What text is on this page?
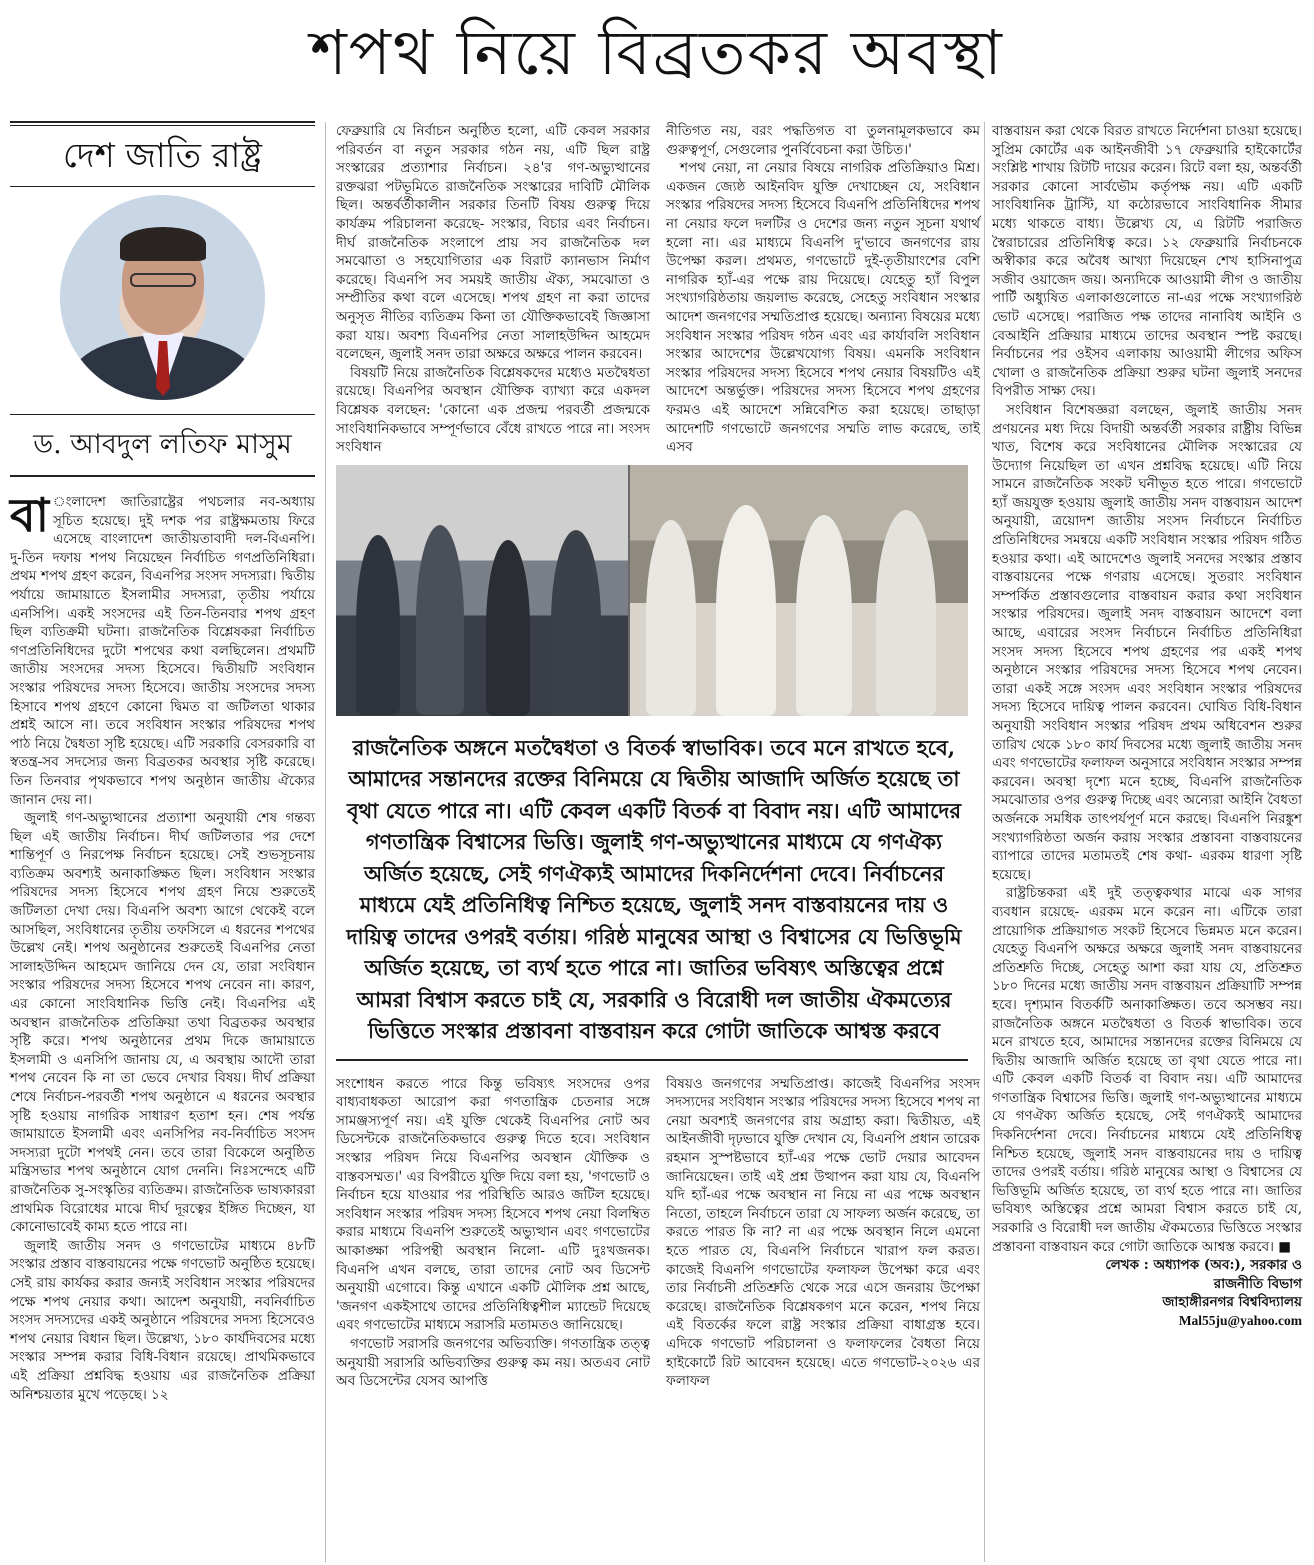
শপথ নিয়ে বিব্রতকর অবস্থা
দেশ জাতি রাষ্ট্র
ড. আবদুল লতিফ মাসুম

বা ংলাদেশ জাতিরাষ্ট্রের পথচলার নব-অধ্যায় সূচিত হয়েছে। দুই দশক পর রাষ্ট্রক্ষমতায় ফিরে এসেছে বাংলাদেশ জাতীয়তাবাদী দল-বিএনপি। দু-তিন দফায় শপথ নিয়েছেন নির্বাচিত গণপ্রতিনিধিরা। প্রথম শপথ গ্রহণ করেন, বিএনপির সংসদ সদস্যরা। দ্বিতীয় পর্যায়ে জামায়াতে ইসলামীর সদস্যরা, তৃতীয় পর্যায়ে এনসিপি। একই সংসদের এই তিন-তিনবার শপথ গ্রহণ ছিল ব্যতিক্রমী ঘটনা। রাজনৈতিক বিশ্লেষকরা নির্বাচিত গণপ্রতিনিধিদের দুটো শপথের কথা বলছিলেন। প্রথমটি জাতীয় সংসদের সদস্য হিসেবে। দ্বিতীয়টি সংবিধান সংস্কার পরিষদের সদস্য হিসেবে। জাতীয় সংসদের সদস্য হিসাবে শপথ গ্রহণে কোনো দ্বিমত বা জটিলতা থাকার প্রশ্নই আসে না। তবে সংবিধান সংস্কার পরিষদের শপথ পাঠ নিয়ে দ্বৈধতা সৃষ্টি হয়েছে। এটি সরকারি বেসরকারি বা স্বতন্ত্র-সব সদস্যের জন্য বিব্রতকর অবস্থার সৃষ্টি করেছে। তিন তিনবার পৃথকভাবে শপথ অনুষ্ঠান জাতীয় ঐক্যের জানান দেয় না।

জুলাই গণ-অভ্যুত্থানের প্রত্যাশা অনুযায়ী শেষ গন্তব্য ছিল এই জাতীয় নির্বাচন। দীর্ঘ জটিলতার পর দেশে শান্তিপূর্ণ ও নিরপেক্ষ নির্বাচন হয়েছে। সেই শুভসূচনায় ব্যতিক্রম অবশ্যই অনাকাঙ্ক্ষিত ছিল। সংবিধান সংস্কার পরিষদের সদস্য হিসেবে শপথ গ্রহণ নিয়ে শুরুতেই জটিলতা দেখা দেয়। বিএনপি অবশ্য আগে থেকেই বলে আসছিল, সংবিধানের তৃতীয় তফসিলে এ ধরনের শপথের উল্লেখ নেই। শপথ অনুষ্ঠানের শুরুতেই বিএনপির নেতা সালাহউদ্দিন আহমেদ জানিয়ে দেন যে, তারা সংবিধান সংস্কার পরিষদের সদস্য হিসেবে শপথ নেবেন না। কারণ, এর কোনো সাংবিধানিক ভিত্তি নেই। বিএনপির এই অবস্থান রাজনৈতিক প্রতিক্রিয়া তথা বিব্রতকর অবস্থার সৃষ্টি করে। শপথ অনুষ্ঠানের প্রথম দিকে জামায়াতে ইসলামী ও এনসিপি জানায় যে, এ অবস্থায় আদৌ তারা শপথ নেবেন কি না তা ভেবে দেখার বিষয়। দীর্ঘ প্রক্রিয়া শেষে নির্বাচন-পরবর্তী শপথ অনুষ্ঠানে এ ধরনের অবস্থার সৃষ্টি হওয়ায় নাগরিক সাধারণ হতাশ হন। শেষ পর্যন্ত জামায়াতে ইসলামী এবং এনসিপির নব-নির্বাচিত সংসদ সদস্যরা দুটো শপথই নেন। তবে তারা বিকেলে অনুষ্ঠিত মন্ত্রিসভার শপথ অনুষ্ঠানে যোগ দেননি। নিঃসন্দেহে এটি রাজনৈতিক সু-সংস্কৃতির ব্যতিক্রম। রাজনৈতিক ভাষ্যকাররা প্রাথমিক বিরোধের মাঝে দীর্ঘ দূরত্বের ইঙ্গিত দিচ্ছেন, যা কোনোভাবেই কাম্য হতে পারে না।

জুলাই জাতীয় সনদ ও গণভোটের মাধ্যমে ৪৮টি সংস্কার প্রস্তাব বাস্তবায়নের পক্ষে গণভোট অনুষ্ঠিত হয়েছে। সেই রায় কার্যকর করার জন্যই সংবিধান সংস্কার পরিষদের পক্ষে শপথ নেয়ার কথা। আদেশ অনুযায়ী, নবনির্বাচিত সংসদ সদস্যদের একই অনুষ্ঠানে পরিষদের সদস্য হিসেবেও শপথ নেয়ার বিধান ছিল। উল্লেখ্য, ১৮০ কার্যদিবসের মধ্যে সংস্কার সম্পন্ন করার বিধি-বিধান রয়েছে। প্রাথমিকভাবে এই প্রক্রিয়া প্রশ্নবিদ্ধ হওয়ায় এর রাজনৈতিক প্রক্রিয়া অনিশ্চয়তার মুখে পড়েছে। ১২

ফেব্রুয়ারি যে নির্বাচন অনুষ্ঠিত হলো, এটি কেবল সরকার পরিবর্তন বা নতুন সরকার গঠন নয়, এটি ছিল রাষ্ট্র সংস্কারের প্রত্যাশার নির্বাচন। ২৪'র গণ-অভ্যুত্থানের রক্তঝরা পটভূমিতে রাজনৈতিক সংস্কারের দাবিটি মৌলিক ছিল। অন্তর্বর্তীকালীন সরকার তিনটি বিষয় গুরুত্ব দিয়ে কার্যক্রম পরিচালনা করেছে- সংস্কার, বিচার এবং নির্বাচন। দীর্ঘ রাজনৈতিক সংলাপে প্রায় সব রাজনৈতিক দল সমঝোতা ও সহযোগিতার এক বিরাট ক্যানভাস নির্মাণ করেছে। বিএনপি সব সময়ই জাতীয় ঐক্য, সমঝোতা ও সম্প্রীতির কথা বলে এসেছে। শপথ গ্রহণ না করা তাদের অনুসৃত নীতির ব্যতিক্রম কিনা তা যৌক্তিকভাবেই জিজ্ঞাসা করা যায়। অবশ্য বিএনপির নেতা সালাহউদ্দিন আহমেদ বলেছেন, জুলাই সনদ তারা অক্ষরে অক্ষরে পালন করবেন।

বিষয়টি নিয়ে রাজনৈতিক বিশ্লেষকদের মধ্যেও মতদ্বৈধতা রয়েছে। বিএনপির অবস্থান যৌক্তিক ব্যাখ্যা করে একদল বিশ্লেষক বলছেন: 'কোনো এক প্রজন্ম পরবর্তী প্রজন্মকে সাংবিধানিকভাবে সম্পূর্ণভাবে বেঁধে রাখতে পারে না। সংসদ সংবিধান

নীতিগত নয়, বরং পদ্ধতিগত বা তুলনামূলকভাবে কম গুরুত্বপূর্ণ, সেগুলোর পুনর্বিবেচনা করা উচিত।'

শপথ নেয়া, না নেয়ার বিষয়ে নাগরিক প্রতিক্রিয়াও মিশ্র। একজন জ্যেষ্ঠ আইনবিদ যুক্তি দেখাচ্ছেন যে, সংবিধান সংস্কার পরিষদের সদস্য হিসেবে বিএনপি প্রতিনিধিদের শপথ না নেয়ার ফলে দলটির ও দেশের জন্য নতুন সূচনা যথার্থ হলো না। এর মাধ্যমে বিএনপি দু'ভাবে জনগণের রায় উপেক্ষা করল। প্রথমত, গণভোটে দুই-তৃতীয়াংশের বেশি নাগরিক হ্যাঁ-এর পক্ষে রায় দিয়েছে। যেহেতু হ্যাঁ বিপুল সংখ্যাগরিষ্ঠতায় জয়লাভ করেছে, সেহেতু সংবিধান সংস্কার আদেশ জনগণের সম্মতিপ্রাপ্ত হয়েছে। অন্যান্য বিষয়ের মধ্যে সংবিধান সংস্কার পরিষদ গঠন এবং এর কার্যাবলি সংবিধান সংস্কার আদেশের উল্লেখযোগ্য বিষয়। এমনকি সংবিধান সংস্কার পরিষদের সদস্য হিসেবে শপথ নেয়ার বিষয়টিও এই আদেশে অন্তর্ভুক্ত। পরিষদের সদস্য হিসেবে শপথ গ্রহণের ফরমও এই আদেশে সন্নিবেশিত করা হয়েছে। তাছাড়া আদেশটি গণভোটে জনগণের সম্মতি লাভ করেছে, তাই এসব

রাজনৈতিক অঙ্গনে মতদ্বৈধতা ও বিতর্ক স্বাভাবিক। তবে মনে রাখতে হবে, আমাদের সন্তানদের রক্তের বিনিময়ে যে দ্বিতীয় আজাদি অর্জিত হয়েছে তা বৃথা যেতে পারে না। এটি কেবল একটি বিতর্ক বা বিবাদ নয়। এটি আমাদের গণতান্ত্রিক বিশ্বাসের ভিত্তি। জুলাই গণ-অভ্যুত্থানের মাধ্যমে যে গণঐক্য অর্জিত হয়েছে, সেই গণঐক্যই আমাদের দিকনির্দেশনা দেবে। নির্বাচনের মাধ্যমে যেই প্রতিনিধিত্ব নিশ্চিত হয়েছে, জুলাই সনদ বাস্তবায়নের দায় ও দায়িত্ব তাদের ওপরই বর্তায়। গরিষ্ঠ মানুষের আস্থা ও বিশ্বাসের যে ভিত্তিভূমি অর্জিত হয়েছে, তা ব্যর্থ হতে পারে না। জাতির ভবিষ্যৎ অস্তিত্বের প্রশ্নে আমরা বিশ্বাস করতে চাই যে, সরকারি ও বিরোধী দল জাতীয় ঐকমত্যের ভিত্তিতে সংস্কার প্রস্তাবনা বাস্তবায়ন করে গোটা জাতিকে আশ্বস্ত করবে

সংশোধন করতে পারে কিন্তু ভবিষ্যৎ সংসদের ওপর বাধ্যবাধকতা আরোপ করা গণতান্ত্রিক চেতনার সঙ্গে সামঞ্জস্যপূর্ণ নয়। এই যুক্তি থেকেই বিএনপির নোট অব ডিসেন্টকে রাজনৈতিকভাবে গুরুত্ব দিতে হবে। সংবিধান সংস্কার পরিষদ নিয়ে বিএনপির অবস্থান যৌক্তিক ও বাস্তবসম্মত।' এর বিপরীতে যুক্তি দিয়ে বলা হয়, 'গণভোট ও নির্বাচন হয়ে যাওয়ার পর পরিস্থিতি আরও জটিল হয়েছে। সংবিধান সংস্কার পরিষদ সদস্য হিসেবে শপথ নেয়া বিলম্বিত করার মাধ্যমে বিএনপি শুরুতেই অভ্যুত্থান এবং গণভোটের আকাঙ্ক্ষা পরিপন্থী অবস্থান নিলো- এটি দুঃখজনক। বিএনপি এখন বলছে, তারা তাদের নোট অব ডিসেন্ট অনুযায়ী এগোবে। কিন্তু এখানে একটি মৌলিক প্রশ্ন আছে, 'জনগণ একইসাথে তাদের প্রতিনিধিত্বশীল ম্যান্ডেট দিয়েছে এবং গণভোটের মাধ্যমে সরাসরি মতামতও জানিয়েছে।

গণভোট সরাসরি জনগণের অভিব্যক্তি। গণতান্ত্রিক তত্ত্ব অনুযায়ী সরাসরি অভিব্যক্তির গুরুত্ব কম নয়। অতএব নোট অব ডিসেন্টের যেসব আপত্তি

বিষয়ও জনগণের সম্মতিপ্রাপ্ত। কাজেই বিএনপির সংসদ সদস্যদের সংবিধান সংস্কার পরিষদের সদস্য হিসেবে শপথ না নেয়া অবশ্যই জনগণের রায় অগ্রাহ্য করা। দ্বিতীয়ত, এই আইনজীবী দৃঢ়ভাবে যুক্তি দেখান যে, বিএনপি প্রধান তারেক রহমান সুস্পষ্টভাবে হ্যাঁ-এর পক্ষে ভোট দেয়ার আবেদন জানিয়েছেন। তাই এই প্রশ্ন উত্থাপন করা যায় যে, বিএনপি যদি হ্যাঁ-এর পক্ষে অবস্থান না নিয়ে না এর পক্ষে অবস্থান নিতো, তাহলে নির্বাচনে তারা যে সাফল্য অর্জন করেছে, তা করতে পারত কি না? না এর পক্ষে অবস্থান নিলে এমনো হতে পারত যে, বিএনপি নির্বাচনে খারাপ ফল করত। কাজেই বিএনপি গণভোটের ফলাফল উপেক্ষা করে এবং তার নির্বাচনী প্রতিশ্রুতি থেকে সরে এসে জনরায় উপেক্ষা করেছে। রাজনৈতিক বিশ্লেষকগণ মনে করেন, শপথ নিয়ে এই বিতর্কের ফলে রাষ্ট্র সংস্কার প্রক্রিয়া বাধাগ্রস্ত হবে। এদিকে গণভোট পরিচালনা ও ফলাফলের বৈধতা নিয়ে হাইকোর্টে রিট আবেদন হয়েছে। এতে গণভোট-২০২৬ এর ফলাফল

বাস্তবায়ন করা থেকে বিরত রাখতে নির্দেশনা চাওয়া হয়েছে। সুপ্রিম কোর্টের এক আইনজীবী ১৭ ফেব্রুয়ারি হাইকোর্টের সংশ্লিষ্ট শাখায় রিটটি দায়ের করেন। রিটে বলা হয়, অন্তর্বর্তী সরকার কোনো সার্বভৌম কর্তৃপক্ষ নয়। এটি একটি সাংবিধানিক ট্রাস্টি, যা কঠোরভাবে সাংবিধানিক সীমার মধ্যে থাকতে বাধ্য। উল্লেখ্য যে, এ রিটটি পরাজিত স্বৈরাচারের প্রতিনিধিত্ব করে। ১২ ফেব্রুয়ারি নির্বাচনকে অস্বীকার করে অবৈধ আখ্যা দিয়েছেন শেখ হাসিনাপুত্র সজীব ওয়াজেদ জয়। অন্যদিকে আওয়ামী লীগ ও জাতীয় পার্টি অধ্যুষিত এলাকাগুলোতে না-এর পক্ষে সংখ্যাগরিষ্ঠ ভোট এসেছে। পরাজিত পক্ষ তাদের নানাবিধ আইনি ও বেআইনি প্রক্রিয়ার মাধ্যমে তাদের অবস্থান স্পষ্ট করছে। নির্বাচনের পর ওইসব এলাকায় আওয়ামী লীগের অফিস খোলা ও রাজনৈতিক প্রক্রিয়া শুরুর ঘটনা জুলাই সনদের বিপরীত সাক্ষ্য দেয়।

সংবিধান বিশেষজ্ঞরা বলছেন, জুলাই জাতীয় সনদ প্রণয়নের মধ্য দিয়ে বিদায়ী অন্তর্বর্তী সরকার রাষ্ট্রীয় বিভিন্ন খাত, বিশেষ করে সংবিধানের মৌলিক সংস্কারের যে উদ্যোগ নিয়েছিল তা এখন প্রশ্নবিদ্ধ হয়েছে। এটি নিয়ে সামনে রাজনৈতিক সংকট ঘনীভূত হতে পারে। গণভোটে হ্যাঁ জয়যুক্ত হওয়ায় জুলাই জাতীয় সনদ বাস্তবায়ন আদেশ অনুযায়ী, ত্রয়োদশ জাতীয় সংসদ নির্বাচনে নির্বাচিত প্রতিনিধিদের সমন্বয়ে একটি সংবিধান সংস্কার পরিষদ গঠিত হওয়ার কথা। এই আদেশেও জুলাই সনদের সংস্কার প্রস্তাব বাস্তবায়নের পক্ষে গণরায় এসেছে। সুতরাং সংবিধান সম্পর্কিত প্রস্তাবগুলোর বাস্তবায়ন করার কথা সংবিধান সংস্কার পরিষদের। জুলাই সনদ বাস্তবায়ন আদেশে বলা আছে, এবারের সংসদ নির্বাচনে নির্বাচিত প্রতিনিধিরা সংসদ সদস্য হিসেবে শপথ গ্রহণের পর একই শপথ অনুষ্ঠানে সংস্কার পরিষদের সদস্য হিসেবে শপথ নেবেন। তারা একই সঙ্গে সংসদ এবং সংবিধান সংস্কার পরিষদের সদস্য হিসেবে দায়িত্ব পালন করবেন। ঘোষিত বিধি-বিধান অনুযায়ী সংবিধান সংস্কার পরিষদ প্রথম অধিবেশন শুরুর তারিখ থেকে ১৮০ কার্য দিবসের মধ্যে জুলাই জাতীয় সনদ এবং গণভোটের ফলাফল অনুসারে সংবিধান সংস্কার সম্পন্ন করবেন। অবস্থা দৃশ্যে মনে হচ্ছে, বিএনপি রাজনৈতিক সমঝোতার ওপর গুরুত্ব দিচ্ছে এবং অন্যেরা আইনি বৈধতা অর্জনকে সমধিক তাৎপর্যপূর্ণ মনে করছে। বিএনপি নিরঙ্কুশ সংখ্যাগরিষ্ঠতা অর্জন করায় সংস্কার প্রস্তাবনা বাস্তবায়নের ব্যাপারে তাদের মতামতই শেষ কথা- এরকম ধারণা সৃষ্টি হয়েছে।

রাষ্ট্রচিন্তকরা এই দুই তত্ত্বকথার মাঝে এক সাগর ব্যবধান রয়েছে- এরকম মনে করেন না। এটিকে তারা প্রায়োগিক প্রক্রিয়াগত সংকট হিসেবে ভিন্নমত মনে করেন। যেহেতু বিএনপি অক্ষরে অক্ষরে জুলাই সনদ বাস্তবায়নের প্রতিশ্রুতি দিচ্ছে, সেহেতু আশা করা যায় যে, প্রতিশ্রুত ১৮০ দিনের মধ্যে জাতীয় সনদ বাস্তবায়ন প্রক্রিয়াটি সম্পন্ন হবে। দৃশ্যমান বিতর্কটি অনাকাঙ্ক্ষিত। তবে অসম্ভব নয়। রাজনৈতিক অঙ্গনে মতদ্বৈধতা ও বিতর্ক স্বাভাবিক। তবে মনে রাখতে হবে, আমাদের সন্তানদের রক্তের বিনিময়ে যে দ্বিতীয় আজাদি অর্জিত হয়েছে তা বৃথা যেতে পারে না। এটি কেবল একটি বিতর্ক বা বিবাদ নয়। এটি আমাদের গণতান্ত্রিক বিশ্বাসের ভিত্তি। জুলাই গণ-অভ্যুত্থানের মাধ্যমে যে গণঐক্য অর্জিত হয়েছে, সেই গণঐক্যই আমাদের দিকনির্দেশনা দেবে। নির্বাচনের মাধ্যমে যেই প্রতিনিধিত্ব নিশ্চিত হয়েছে, জুলাই সনদ বাস্তবায়নের দায় ও দায়িত্ব তাদের ওপরই বর্তায়। গরিষ্ঠ মানুষের আস্থা ও বিশ্বাসের যে ভিত্তিভূমি অর্জিত হয়েছে, তা ব্যর্থ হতে পারে না। জাতির ভবিষ্যৎ অস্তিত্বের প্রশ্নে আমরা বিশ্বাস করতে চাই যে, সরকারি ও বিরোধী দল জাতীয় ঐকমত্যের ভিত্তিতে সংস্কার প্রস্তাবনা বাস্তবায়ন করে গোটা জাতিকে আশ্বস্ত করবে। ■

লেখক : অধ্যাপক (অব:), সরকার ও
রাজনীতি বিভাগ
জাহাঙ্গীরনগর বিশ্ববিদ্যালয়
Mal55ju@yahoo.com
